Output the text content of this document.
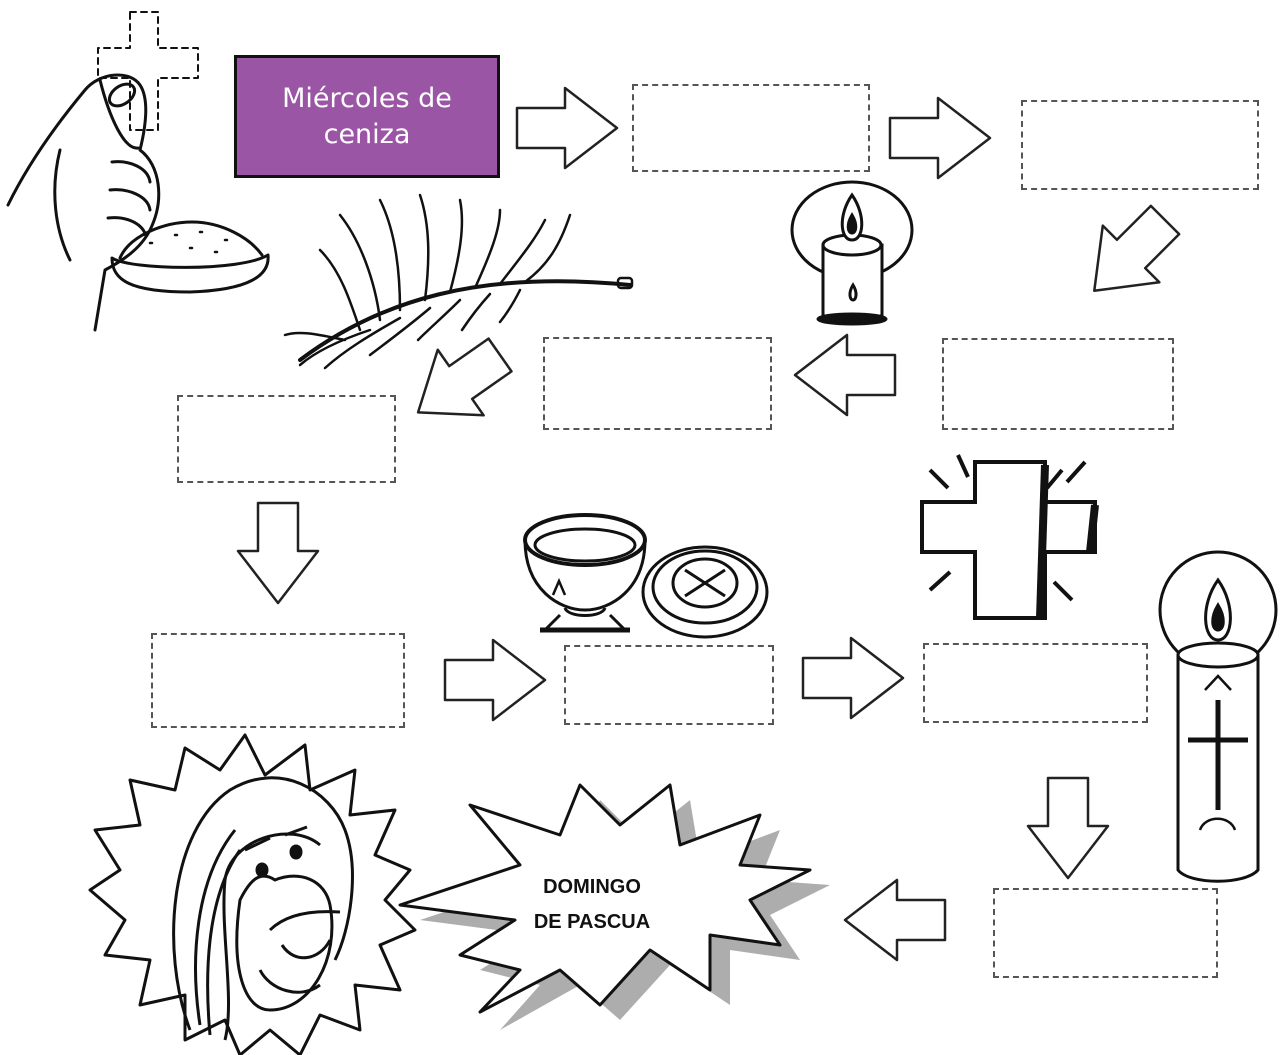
Miércoles de ceniza
DOMINGO
DE PASCUA
